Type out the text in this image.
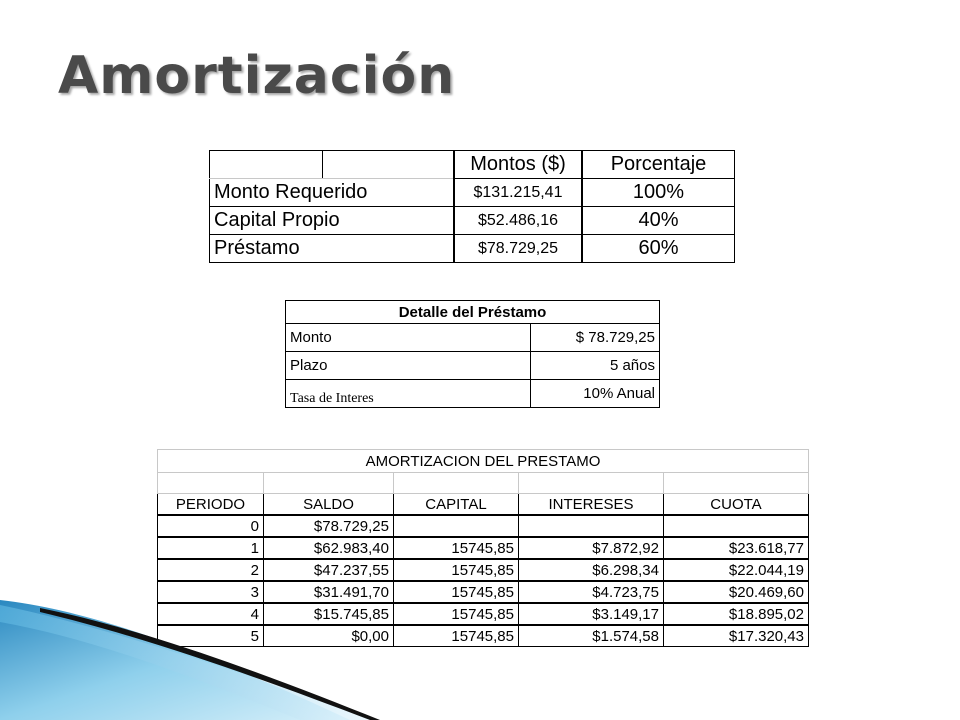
Amortización
		Montos ($)	Porcentaje
Monto Requerido		$131.215,41	100%
Capital Propio		$52.486,16	40%
Préstamo		$78.729,25	60%
Detalle del Préstamo	
Monto	$ 78.729,25
Plazo	5 años
Tasa de Interes	10% Anual
AMORTIZACION DEL PRESTAMO				

PERIODO	SALDO	CAPITAL	INTERESES	CUOTA
0	$78.729,25			
1	$62.983,40	15745,85	$7.872,92	$23.618,77
2	$47.237,55	15745,85	$6.298,34	$22.044,19
3	$31.491,70	15745,85	$4.723,75	$20.469,60
4	$15.745,85	15745,85	$3.149,17	$18.895,02
5	$0,00	15745,85	$1.574,58	$17.320,43
